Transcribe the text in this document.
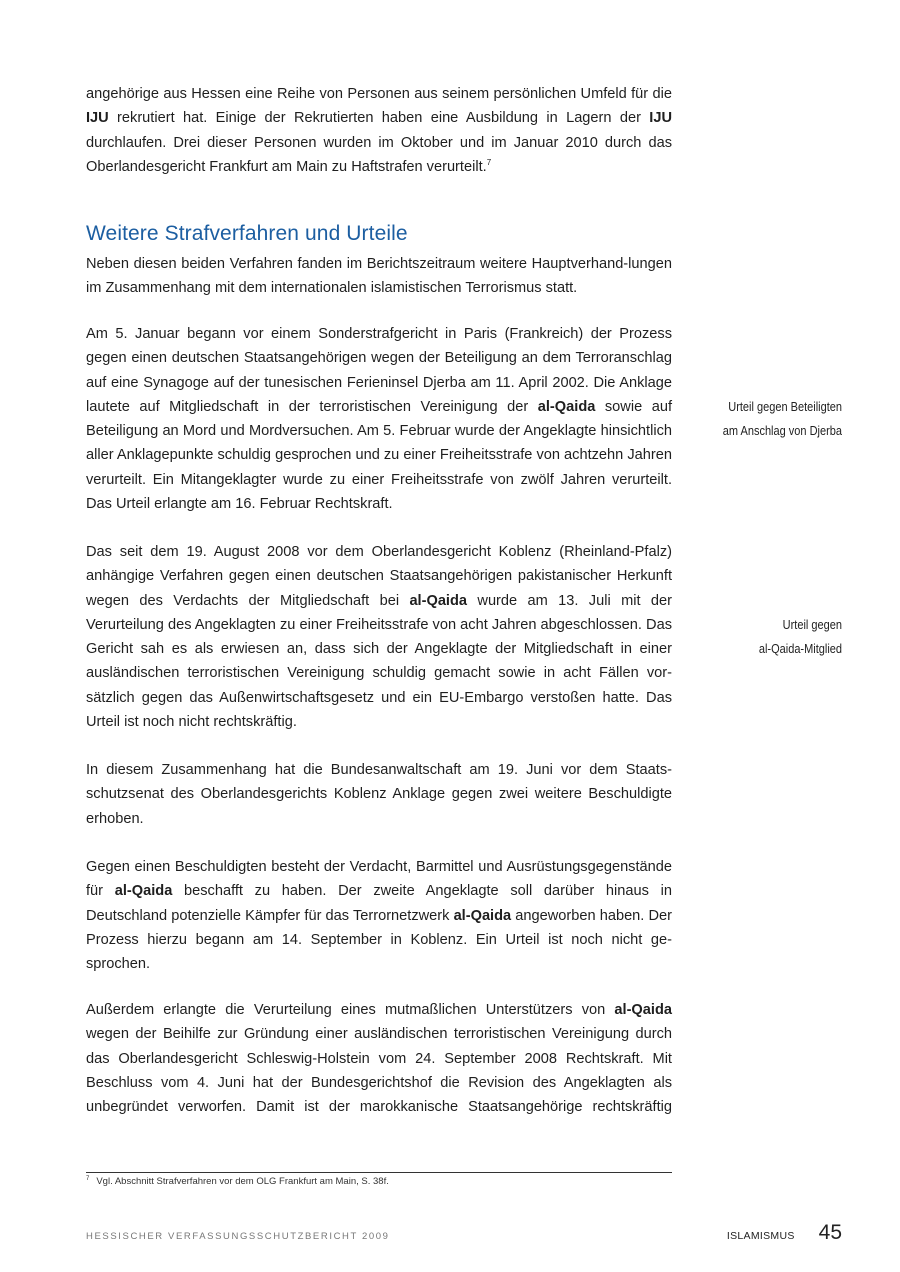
angehörige aus Hessen eine Reihe von Personen aus seinem persönlichen Umfeld für die IJU rekrutiert hat. Einige der Rekrutierten haben eine Ausbildung in Lagern der IJU durchlaufen. Drei dieser Personen wurden im Oktober und im Januar 2010 durch das Oberlandesgericht Frankfurt am Main zu Haftstrafen verurteilt.$^7$

Weitere Strafverfahren und Urteile

Neben diesen beiden Verfahren fanden im Berichtszeitraum weitere Hauptverhand-lungen im Zusammenhang mit dem internationalen islamistischen Terrorismus statt.

Am 5. Januar begann vor einem Sonderstrafgericht in Paris (Frankreich) der Prozess gegen einen deutschen Staatsangehörigen wegen der Beteiligung an dem Terroranschlag auf eine Synagoge auf der tunesischen Ferieninsel Djerba am 11. April 2002. Die Anklage lautete auf Mitgliedschaft in der terroristischen Vereinigung der al-Qaida sowie auf Beteiligung an Mord und Mordversuchen. Am 5. Februar wurde der Angeklagte hinsichtlich aller Anklagepunkte schuldig gesprochen und zu einer Freiheitsstrafe von achtzehn Jahren verurteilt. Ein Mitangeklagter wurde zu einer Freiheitsstrafe von zwölf Jahren verurteilt. Das Urteil erlangte am 16. Februar Rechtskraft.

Das seit dem 19. August 2008 vor dem Oberlandesgericht Koblenz (Rheinland-Pfalz) anhängige Verfahren gegen einen deutschen Staatsangehörigen pakistanischer Herkunft wegen des Verdachts der Mitgliedschaft bei al-Qaida wurde am 13. Juli mit der Verurteilung des Angeklagten zu einer Freiheitsstrafe von acht Jahren abgeschlossen. Das Gericht sah es als erwiesen an, dass sich der Angeklagte der Mitgliedschaft in einer ausländischen terroristischen Vereinigung schuldig gemacht sowie in acht Fällen vorsätzlich gegen das Außenwirtschaftsgesetz und ein EU-Embargo verstoßen hatte. Das Urteil ist noch nicht rechtskräftig.

In diesem Zusammenhang hat die Bundesanwaltschaft am 19. Juni vor dem Staatsschutzsenat des Oberlandesgerichts Koblenz Anklage gegen zwei weitere Beschuldigte erhoben.

Gegen einen Beschuldigten besteht der Verdacht, Barmittel und Ausrüstungsgegenstände für al-Qaida beschafft zu haben. Der zweite Angeklagte soll darüber hinaus in Deutschland potenzielle Kämpfer für das Terrornetzwerk al-Qaida angeworben haben. Der Prozess hierzu begann am 14. September in Koblenz. Ein Urteil ist noch nicht gesprochen.

Außerdem erlangte die Verurteilung eines mutmaßlichen Unterstützers von al-Qaida wegen der Beihilfe zur Gründung einer ausländischen terroristischen Vereinigung durch das Oberlandesgericht Schleswig-Holstein vom 24. September 2008 Rechtskraft. Mit Beschluss vom 4. Juni hat der Bundesgerichtshof die Revision des Angeklagten als unbegründet verworfen. Damit ist der marokkanische Staatsangehörige rechtskräftig

Urteil gegen Beteiligten
am Anschlag von Djerba
Urteil gegen
al-Qaida-Mitglied
$^7$ Vgl. Abschnitt Strafverfahren vor dem OLG Frankfurt am Main, S. 38f.
HESSISCHER VERFASSUNGSSCHUTZBERICHT 2009	ISLAMISMUS 45
